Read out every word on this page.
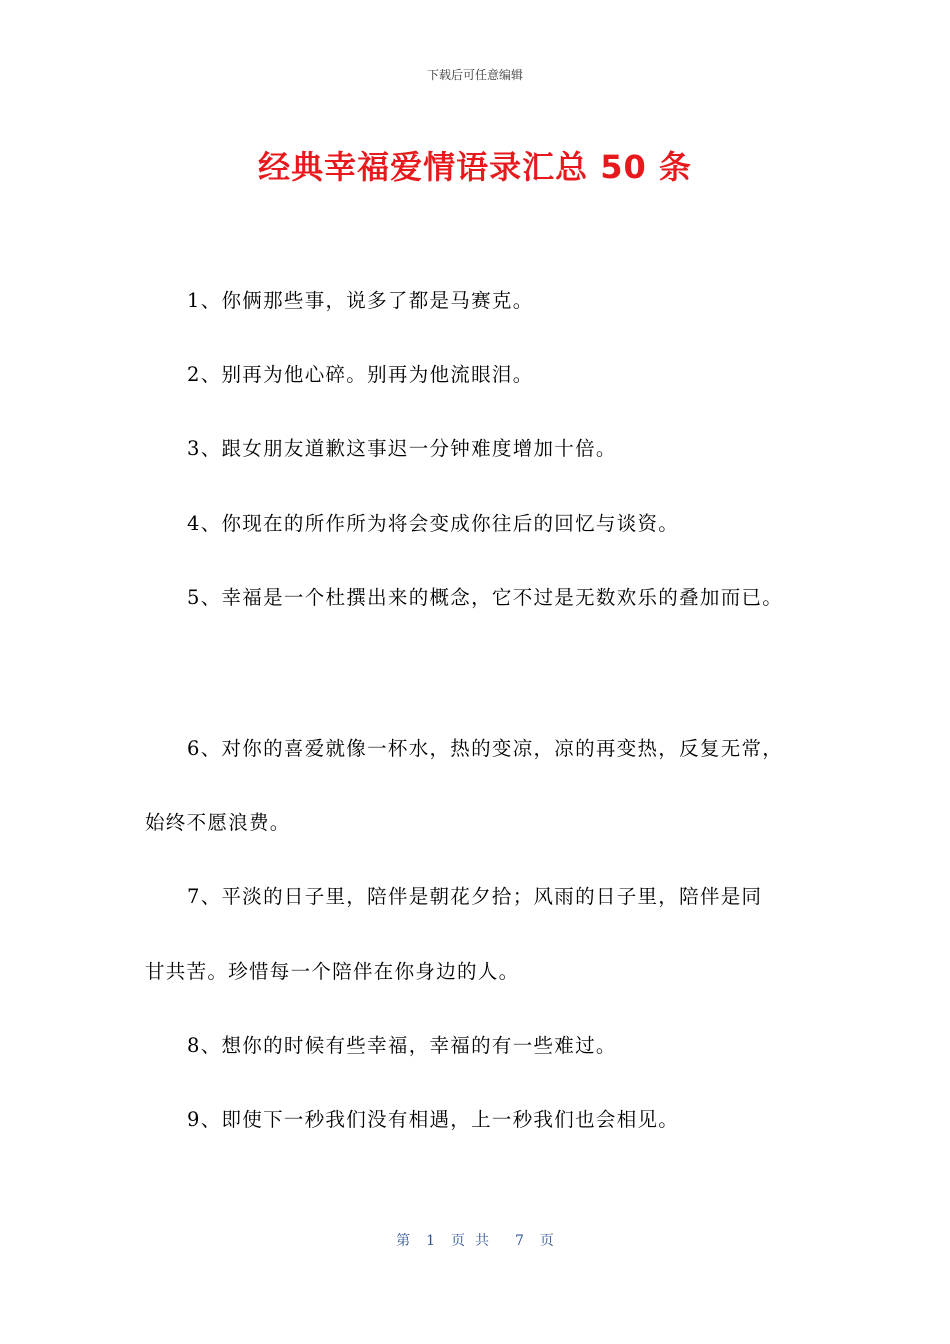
下载后可任意编辑
经典幸福爱情语录汇总 50 条
1、你俩那些事，说多了都是马赛克。
2、别再为他心碎。别再为他流眼泪。
3、跟女朋友道歉这事迟一分钟难度增加十倍。
4、你现在的所作所为将会变成你往后的回忆与谈资。
5、幸福是一个杜撰出来的概念，它不过是无数欢乐的叠加而已。
6、对你的喜爱就像一杯水，热的变凉，凉的再变热，反复无常，
始终不愿浪费。
7、平淡的日子里，陪伴是朝花夕拾；风雨的日子里，陪伴是同
甘共苦。珍惜每一个陪伴在你身边的人。
8、想你的时候有些幸福，幸福的有一些难过。
9、即使下一秒我们没有相遇，上一秒我们也会相见。
第 1 页共 7 页
